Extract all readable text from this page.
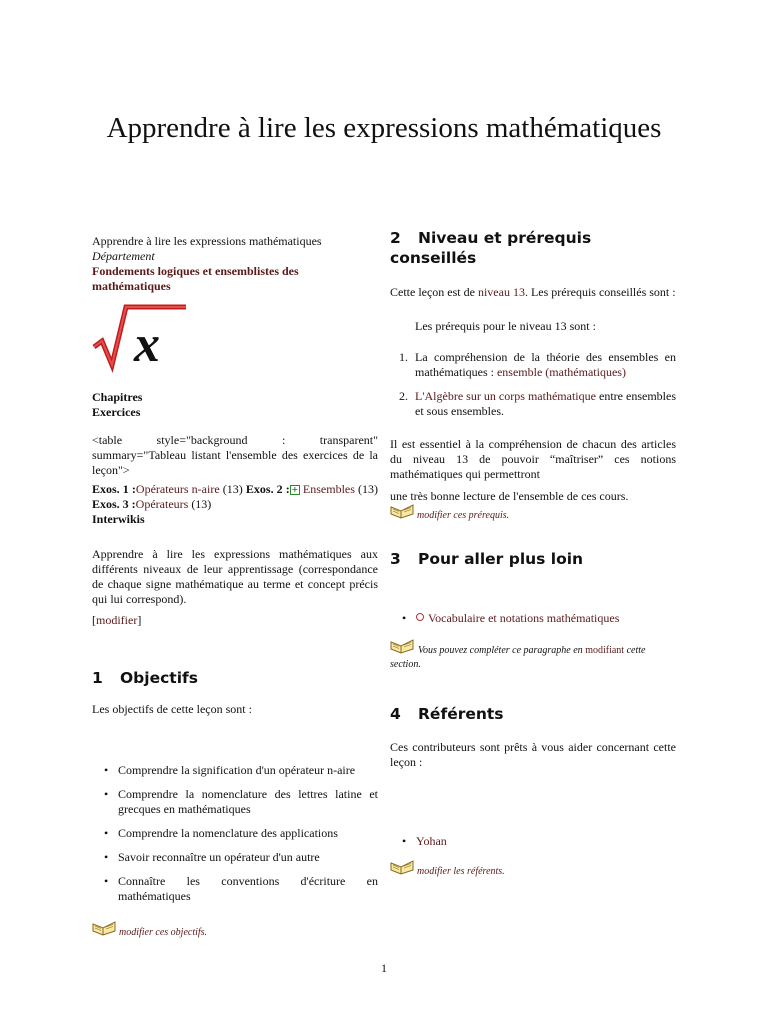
Apprendre à lire les expressions mathématiques

Apprendre à lire les expressions mathématiques

Département

Fondements logiques et ensemblistes des mathématiques

x

Chapitres

Exercices

<table style="background : transparent" summary="Tableau listant l'ensemble des exercices de la leçon">

Exos. 1 :Opérateurs n-aire (13) Exos. 2 : + Ensembles (13) Exos. 3 :Opérateurs (13)

Interwikis

Apprendre à lire les expressions mathématiques aux différents niveaux de leur apprentissage (correspondance de chaque signe mathématique au terme et concept précis qui lui correspond).

[modifier]

1 Objectifs

Les objectifs de cette leçon sont :

• Comprendre la signification d'un opérateur n-aire
• Comprendre la nomenclature des lettres latine et grecques en mathématiques
• Comprendre la nomenclature des applications
• Savoir reconnaître un opérateur d'un autre
• Connaître les conventions d'écriture en mathématiques
modifier ces objectifs.
2 Niveau et prérequis conseillés

Cette leçon est de niveau 13. Les prérequis conseillés sont :

Les prérequis pour le niveau 13 sont :

1. La compréhension de la théorie des ensembles en mathématiques : ensemble (mathématiques)
2. L'Algèbre sur un corps mathématique entre ensembles et sous ensembles.

Il est essentiel à la compréhension de chacun des articles du niveau 13 de pouvoir “maîtriser” ces notions mathématiques qui permettront

une très bonne lecture de l'ensemble de ces cours.

modifier ces prérequis.
3 Pour aller plus loin
• Vocabulaire et notations mathématiques

Vous pouvez compléter ce paragraphe en modifiant cette section.

4 Référents

Ces contributeurs sont prêts à vous aider concernant cette leçon :

• Yohan
modifier les référents.
1
